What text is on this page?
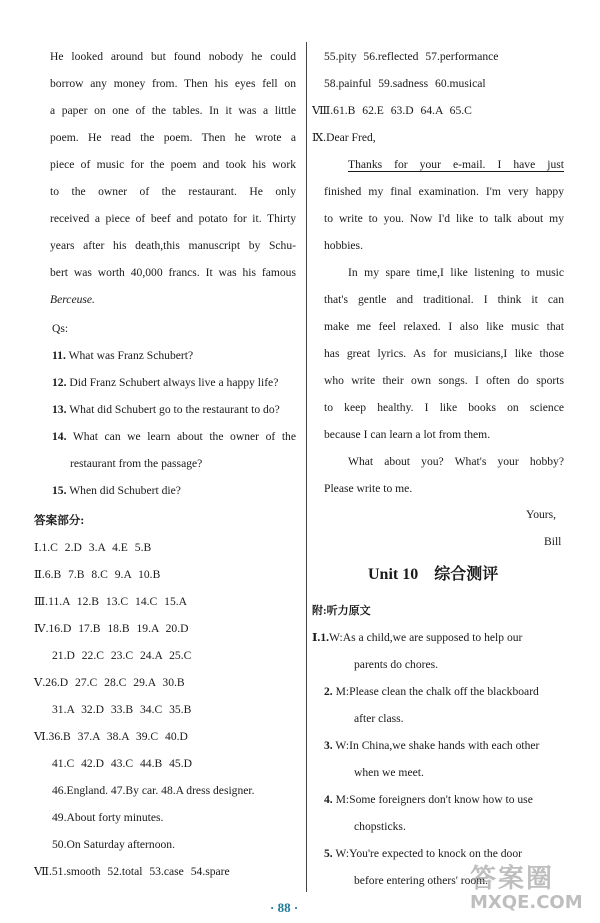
He looked around but found nobody he could
borrow any money from. Then his eyes fell on
a paper on one of the tables. In it was a little
poem. He read the poem. Then he wrote a
piece of music for the poem and took his work
to the owner of the restaurant. He only
received a piece of beef and potato for it. Thirty
years after his death,this manuscript by Schu-
bert was worth 40,000 francs. It was his famous
Berceuse.
Qs:
11. What was Franz Schubert?
12. Did Franz Schubert always live a happy life?
13. What did Schubert go to the restaurant to do?
14. What can we learn about the owner of the
restaurant from the passage?
15. When did Schubert die?
答案部分:
Ⅰ.1.C 2.D 3.A 4.E 5.B
Ⅱ.6.B 7.B 8.C 9.A 10.B
Ⅲ.11.A 12.B 13.C 14.C 15.A
Ⅳ.16.D 17.B 18.B 19.A 20.D
21.D 22.C 23.C 24.A 25.C
Ⅴ.26.D 27.C 28.C 29.A 30.B
31.A 32.D 33.B 34.C 35.B
Ⅵ.36.B 37.A 38.A 39.C 40.D
41.C 42.D 43.C 44.B 45.D
46.England. 47.By car. 48.A dress designer.
49.About forty minutes.
50.On Saturday afternoon.
Ⅶ.51.smooth 52.total 53.case 54.spare
55.pity 56.reflected 57.performance
58.painful 59.sadness 60.musical
Ⅷ.61.B 62.E 63.D 64.A 65.C
Ⅸ.Dear Fred,
Thanks for your e-mail. I have just
finished my final examination. I'm very happy
to write to you. Now I'd like to talk about my
hobbies.
In my spare time,I like listening to music
that's gentle and traditional. I think it can
make me feel relaxed. I also like music that
has great lyrics. As for musicians,I like those
who write their own songs. I often do sports
to keep healthy. I like books on science
because I can learn a lot from them.
What about you? What's your hobby?
Please write to me.
Yours,
Bill
Unit 10　综合测评
附:听力原文
Ⅰ.1.W:As a child,we are supposed to help our
parents do chores.
2. M:Please clean the chalk off the blackboard
after class.
3. W:In China,we shake hands with each other
when we meet.
4. M:Some foreigners don't know how to use
chopsticks.
5. W:You're expected to knock on the door
before entering others' room.
· 88 ·
答案圈
MXQE.COM
